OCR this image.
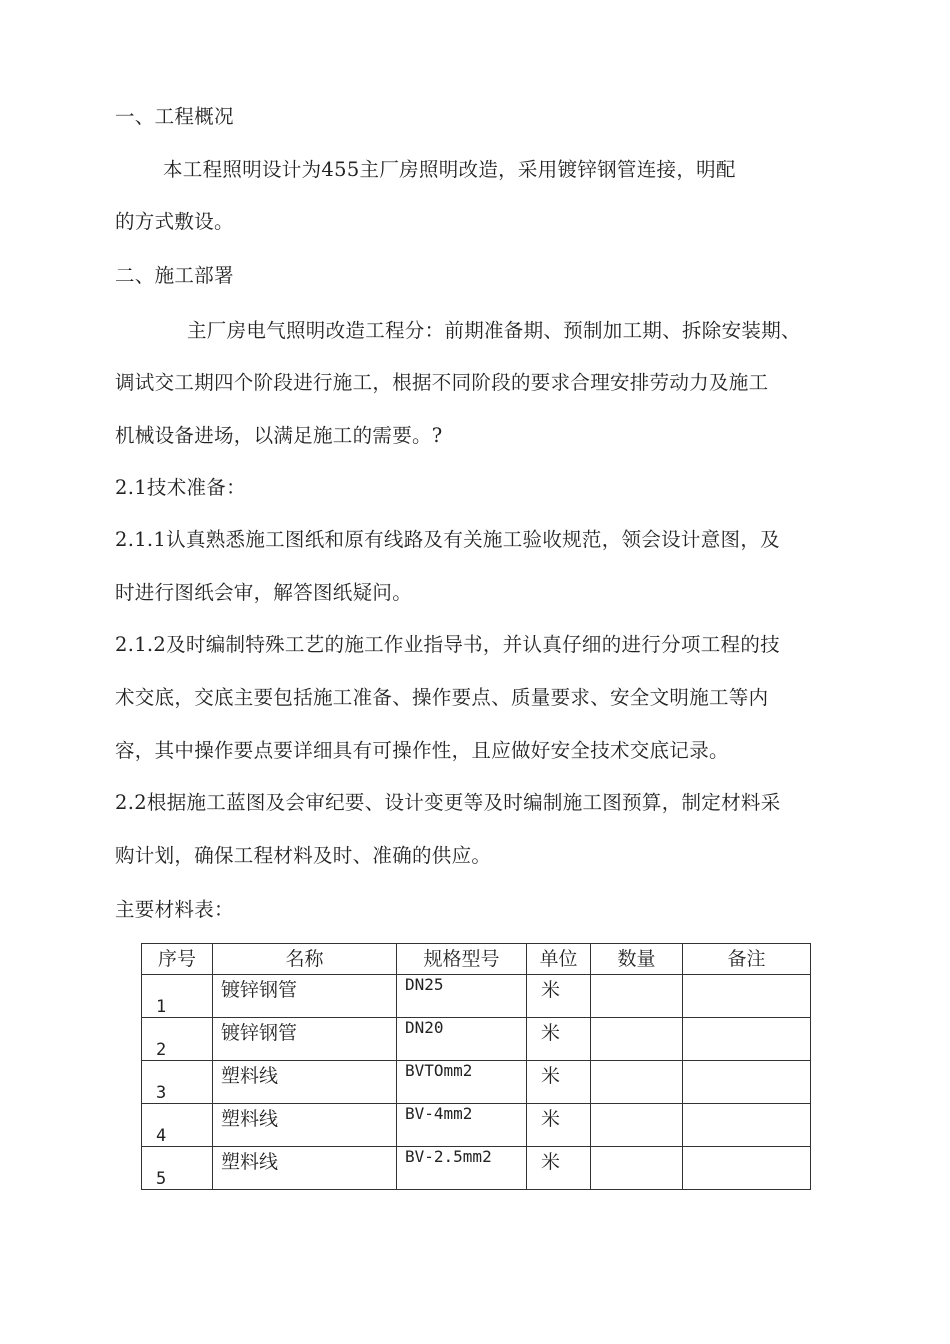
一、工程概况
本工程照明设计为455主厂房照明改造，采用镀锌钢管连接，明配
的方式敷设。
二、施工部署
主厂房电气照明改造工程分：前期准备期、预制加工期、拆除安装期、
调试交工期四个阶段进行施工，根据不同阶段的要求合理安排劳动力及施工
机械设备进场，以满足施工的需要。?
2.1技术准备：
2.1.1认真熟悉施工图纸和原有线路及有关施工验收规范，领会设计意图，及
时进行图纸会审，解答图纸疑问。
2.1.2及时编制特殊工艺的施工作业指导书，并认真仔细的进行分项工程的技
术交底，交底主要包括施工准备、操作要点、质量要求、安全文明施工等内
容，其中操作要点要详细具有可操作性，且应做好安全技术交底记录。
2.2根据施工蓝图及会审纪要、设计变更等及时编制施工图预算，制定材料采
购计划，确保工程材料及时、准确的供应。
主要材料表：
序号	名称	规格型号	单位	数量	备注
1	镀锌钢管	DN25	米		
2	镀锌钢管	DN20	米		
3	塑料线	BVTOmm2	米		
4	塑料线	BV-4mm2	米		
5	塑料线	BV-2.5mm2	米		
